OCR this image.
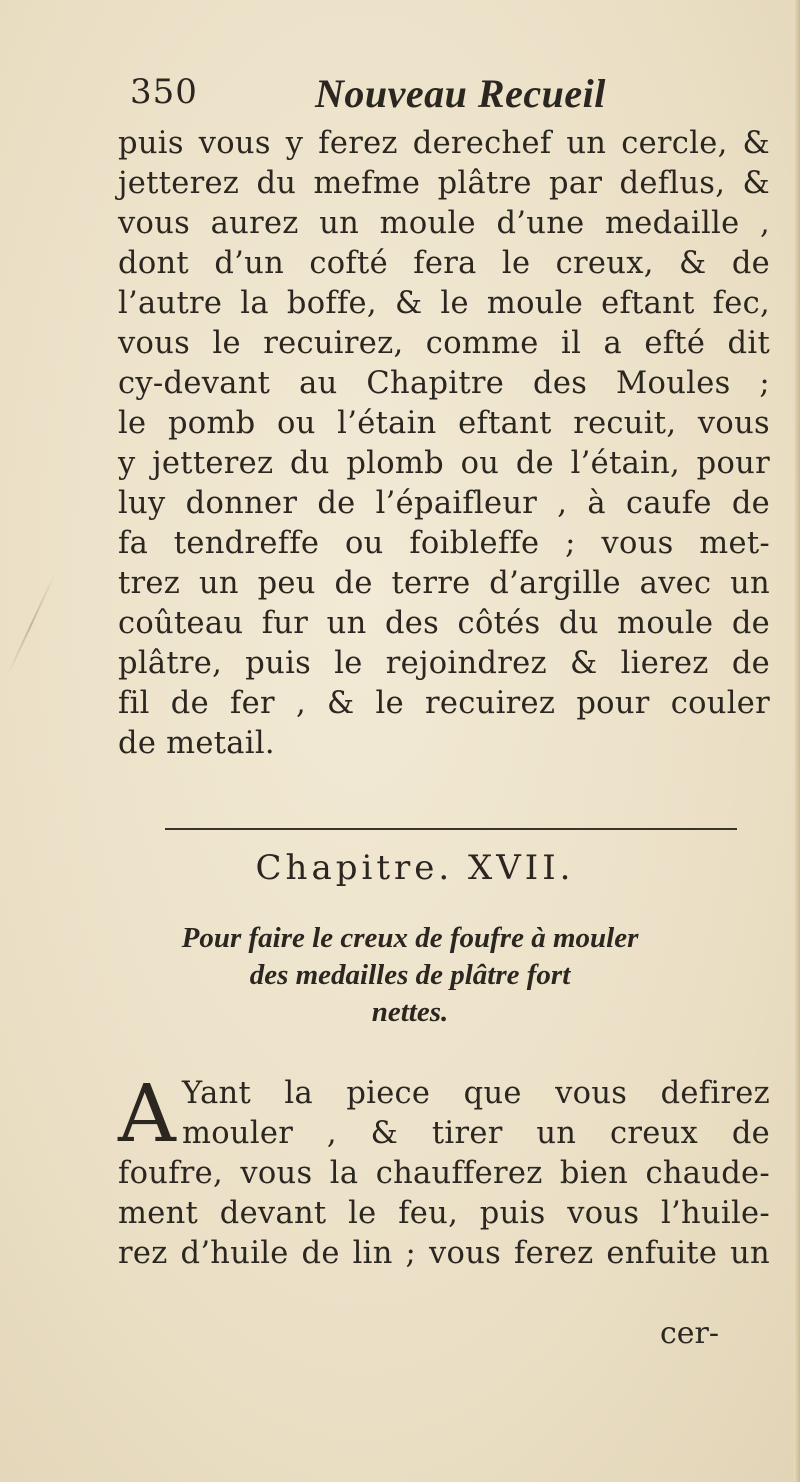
350	Nouveau Recueil
puis vous y ferez derechef un cercle, &
jetterez du mefme plâtre par deflus, &
vous aurez un moule d’une medaille ,
dont d’un cofté fera le creux, & de
l’autre la boffe, & le moule eftant fec,
vous le recuirez, comme il a efté dit
cy-devant au Chapitre des Moules ;
le pomb ou l’étain eftant recuit, vous
y jetterez du plomb ou de l’étain, pour
luy donner de l’épaifleur , à caufe de
fa tendreffe ou foibleffe ; vous met-
trez un peu de terre d’argille avec un
coûteau fur un des côtés du moule de
plâtre, puis le rejoindrez & lierez de
fil de fer , & le recuirez pour couler
de metail.
Chapitre. XVII.
Pour faire le creux de foufre à mouler
des medailles de plâtre fort
nettes.
A Yant la piece que vous defirez
mouler , & tirer un creux de
foufre, vous la chaufferez bien chaude-
ment devant le feu, puis vous l’huile-
rez d’huile de lin ; vous ferez enfuite un
cer-
